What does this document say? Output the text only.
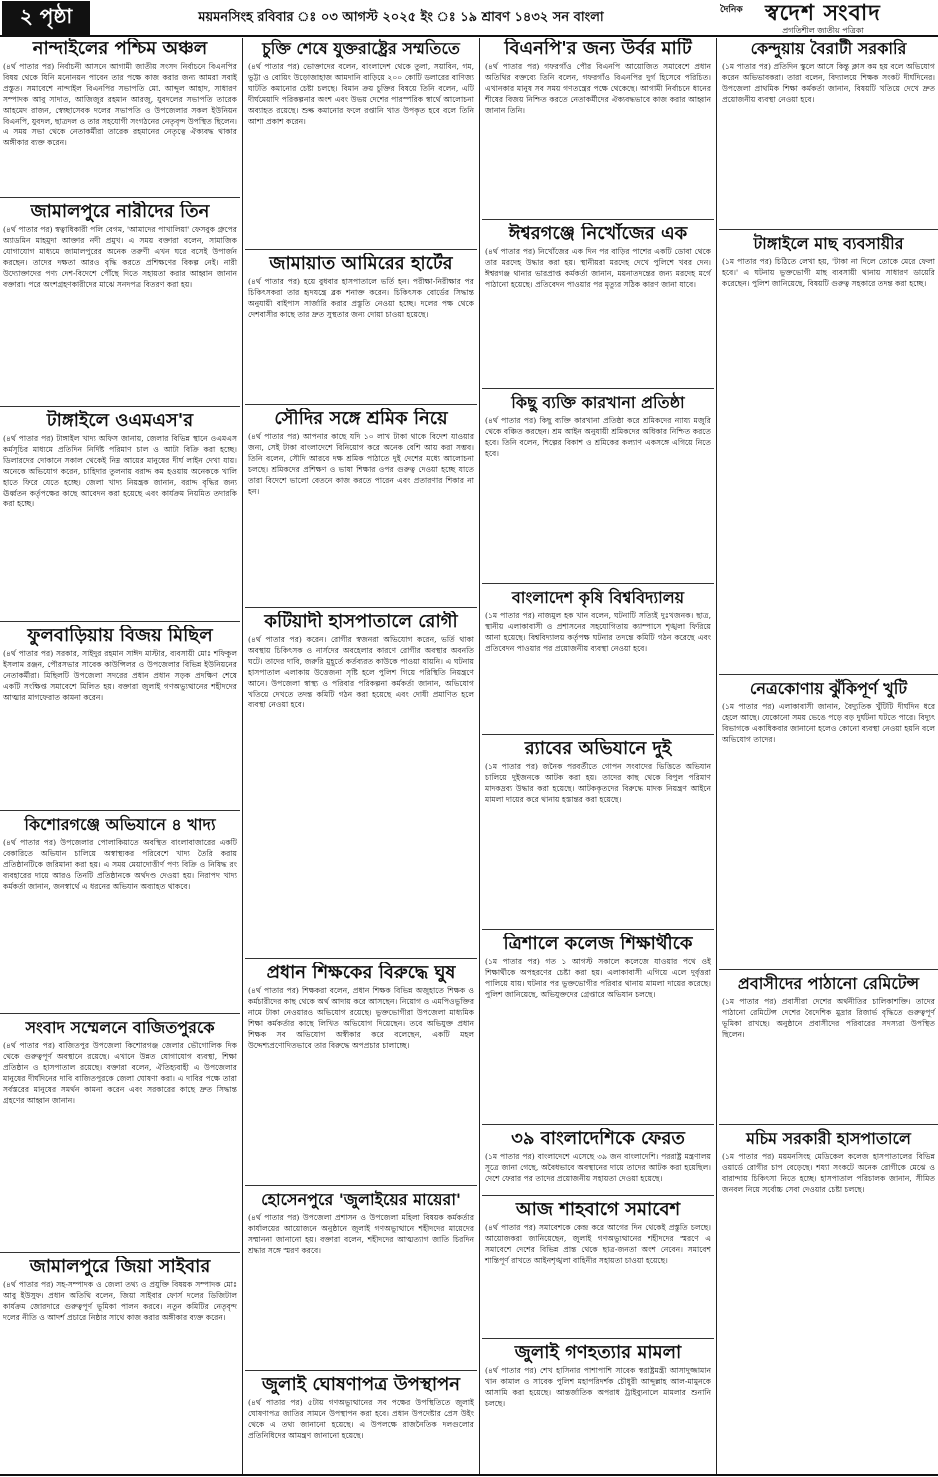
২ পৃষ্ঠা	ময়মনসিংহ রবিবার ঃ ০৩ আগস্ট ২০২৫ ইং ঃ ১৯ শ্রাবণ ১৪৩২ সন বাংলা	দৈনিক স্বদেশ সংবাদ
প্রগতিশীল জাতীয় পত্রিকা
নান্দাইলের পশ্চিম অঞ্চল

(৪র্থ পাতার পর) নির্বাচনী আসনে আগামী জাতীয় সংসদ নির্বাচনে বিএনপির বিষয় থেকে যিনি মনোনয়ন পাবেন তার পক্ষে কাজ করার জন্য আমরা সবাই প্রস্তুত। সমাবেশে নান্দাইল বিএনপির সভাপতি মো. আব্দুল আহাদ, সাধারণ সম্পাদক আবু সাদাত, আজিজুর রহমান আরজু, যুবদলের সভাপতি তারেক আহমেদ রাজন, স্বেচ্ছাসেবক দলের সভাপতি ও উপজেলার সকল ইউনিয়ন বিএনপি, যুবদল, ছাত্রদল ও তার সহযোগী সংগঠনের নেতৃবৃন্দ উপস্থিত ছিলেন। এ সময় সভা থেকে নেতাকর্মীরা তারেক রহমানের নেতৃত্বে ঐক্যবদ্ধ থাকার অঙ্গীকার ব্যক্ত করেন।

জামালপুরে নারীদের তিন

(৪র্থ পাতার পর) স্বত্বাধিকারী পলি বেগম, 'আমাদের পাখালিয়া' ফেসবুক গ্রুপের অ্যাডমিন মাহমুদা আক্তার নদী প্রমুখ। এ সময় বক্তারা বলেন, সামাজিক যোগাযোগ মাধ্যমে জামালপুরের অনেক তরুণী এখন ঘরে বসেই উপার্জন করছেন। তাদের দক্ষতা আরও বৃদ্ধি করতে প্রশিক্ষণের বিকল্প নেই। নারী উদ্যোক্তাদের পণ্য দেশ-বিদেশে পৌঁছে দিতে সহায়তা করার আহ্বান জানান বক্তারা। পরে অংশগ্রহণকারীদের মাঝে সনদপত্র বিতরণ করা হয়।

টাঙ্গাইলে ওএমএস'র

(৪র্থ পাতার পর) টাঙ্গাইল খাদ্য অফিস জানায়, জেলার বিভিন্ন স্থানে ওএমএস কর্মসূচির মাধ্যমে প্রতিদিন নির্দিষ্ট পরিমাণ চাল ও আটা বিক্রি করা হচ্ছে। ডিলারদের দোকানে সকাল থেকেই নিম্ন আয়ের মানুষের দীর্ঘ লাইন দেখা যায়। অনেকে অভিযোগ করেন, চাহিদার তুলনায় বরাদ্দ কম হওয়ায় অনেককে খালি হাতে ফিরে যেতে হচ্ছে। জেলা খাদ্য নিয়ন্ত্রক জানান, বরাদ্দ বৃদ্ধির জন্য ঊর্ধ্বতন কর্তৃপক্ষের কাছে আবেদন করা হয়েছে এবং কার্যক্রম নিয়মিত তদারকি করা হচ্ছে।

ফুলবাড়িয়ায় বিজয় মিছিল

(৪র্থ পাতার পর) সরকার, সাইদুর রহমান সাঈদ মাস্টার, ব্যবসায়ী মোঃ শফিকুল ইসলাম রঞ্জন, পৌরসভার সাবেক কাউন্সিলর ও উপজেলার বিভিন্ন ইউনিয়নের নেতাকর্মীরা। মিছিলটি উপজেলা সদরের প্রধান প্রধান সড়ক প্রদক্ষিণ শেষে একটি সংক্ষিপ্ত সমাবেশে মিলিত হয়। বক্তারা জুলাই গণঅভ্যুত্থানের শহীদদের আত্মার মাগফেরাত কামনা করেন।

কিশোরগঞ্জে অভিযানে ৪ খাদ্য

(৪র্থ পাতার পর) উপজেলার পোলাকিয়াতে অবস্থিত বাংলাবাজারের একটি বেকারিতে অভিযান চালিয়ে অস্বাস্থ্যকর পরিবেশে খাদ্য তৈরি করায় প্রতিষ্ঠানটিকে জরিমানা করা হয়। এ সময় মেয়াদোত্তীর্ণ পণ্য বিক্রি ও নিষিদ্ধ রং ব্যবহারের দায়ে আরও তিনটি প্রতিষ্ঠানকে অর্থদণ্ড দেওয়া হয়। নিরাপদ খাদ্য কর্মকর্তা জানান, জনস্বার্থে এ ধরনের অভিযান অব্যাহত থাকবে।

সংবাদ সম্মেলনে বাজিতপুরকে

(৪র্থ পাতার পর) বাজিতপুর উপজেলা কিশোরগঞ্জ জেলার ভৌগোলিক দিক থেকে গুরুত্বপূর্ণ অবস্থানে রয়েছে। এখানে উন্নত যোগাযোগ ব্যবস্থা, শিক্ষা প্রতিষ্ঠান ও হাসপাতাল রয়েছে। বক্তারা বলেন, ঐতিহ্যবাহী এ উপজেলার মানুষের দীর্ঘদিনের দাবি বাজিতপুরকে জেলা ঘোষণা করা। এ দাবির পক্ষে তারা সর্বস্তরের মানুষের সমর্থন কামনা করেন এবং সরকারের কাছে দ্রুত সিদ্ধান্ত গ্রহণের আহ্বান জানান।

জামালপুরে জিয়া সাইবার

(৪র্থ পাতার পর) সহ-সম্পাদক ও জেলা তথ্য ও প্রযুক্তি বিষয়ক সম্পাদক মোঃ আবু ইউসুফ। প্রধান অতিথি বলেন, জিয়া সাইবার ফোর্স দলের ডিজিটাল কার্যক্রম জোরদারে গুরুত্বপূর্ণ ভূমিকা পালন করবে। নতুন কমিটির নেতৃবৃন্দ দলের নীতি ও আদর্শ প্রচারে নিষ্ঠার সাথে কাজ করার অঙ্গীকার ব্যক্ত করেন।

চুক্তি শেষে যুক্তরাষ্ট্রের সম্মতিতে

(৪র্থ পাতার পর) ভোক্তাদের বলেন, বাংলাদেশ থেকে তুলা, সয়াবিন, গম, ভুট্টা ও বোয়িং উড়োজাহাজ আমদানি বাড়িয়ে ২০০ কোটি ডলারের বাণিজ্য ঘাটতি কমানোর চেষ্টা চলছে। বিমান ক্রয় চুক্তির বিষয়ে তিনি বলেন, এটি দীর্ঘমেয়াদি পরিকল্পনার অংশ এবং উভয় দেশের পারস্পরিক স্বার্থে আলোচনা অব্যাহত রয়েছে। শুল্ক কমানোর ফলে রপ্তানি খাত উপকৃত হবে বলে তিনি আশা প্রকাশ করেন।

জামায়াত আমিরের হার্টের

(৪র্থ পাতার পর) হয়ে বুধবার হাসপাতালে ভর্তি হন। পরীক্ষা-নিরীক্ষার পর চিকিৎসকরা তার হৃদযন্ত্রে ব্লক শনাক্ত করেন। চিকিৎসক বোর্ডের সিদ্ধান্ত অনুযায়ী বাইপাস সার্জারি করার প্রস্তুতি নেওয়া হচ্ছে। দলের পক্ষ থেকে দেশবাসীর কাছে তার দ্রুত সুস্থতার জন্য দোয়া চাওয়া হয়েছে।

সৌদির সঙ্গে শ্রমিক নিয়ে

(৪র্থ পাতার পর) আপনার কাছে যদি ১০ লাখ টাকা থাকে বিদেশ যাওয়ার জন্য, সেই টাকা বাংলাদেশে বিনিয়োগ করে অনেক বেশি আয় করা সম্ভব। তিনি বলেন, সৌদি আরবে দক্ষ শ্রমিক পাঠাতে দুই দেশের মধ্যে আলোচনা চলছে। শ্রমিকদের প্রশিক্ষণ ও ভাষা শিক্ষার ওপর গুরুত্ব দেওয়া হচ্ছে যাতে তারা বিদেশে ভালো বেতনে কাজ করতে পারেন এবং প্রতারণার শিকার না হন।

কটিয়াদী হাসপাতালে রোগী

(৪র্থ পাতার পর) করেন। রোগীর স্বজনরা অভিযোগ করেন, ভর্তি থাকা অবস্থায় চিকিৎসক ও নার্সদের অবহেলার কারণে রোগীর অবস্থার অবনতি ঘটে। তাদের দাবি, জরুরি মুহূর্তে কর্তব্যরত কাউকে পাওয়া যায়নি। এ ঘটনায় হাসপাতাল এলাকায় উত্তেজনা সৃষ্টি হলে পুলিশ গিয়ে পরিস্থিতি নিয়ন্ত্রণে আনে। উপজেলা স্বাস্থ্য ও পরিবার পরিকল্পনা কর্মকর্তা জানান, অভিযোগ খতিয়ে দেখতে তদন্ত কমিটি গঠন করা হয়েছে এবং দোষী প্রমাণিত হলে ব্যবস্থা নেওয়া হবে।

প্রধান শিক্ষকের বিরুদ্ধে ঘুষ

(৪র্থ পাতার পর) শিক্ষকরা বলেন, প্রধান শিক্ষক বিভিন্ন অজুহাতে শিক্ষক ও কর্মচারীদের কাছ থেকে অর্থ আদায় করে আসছেন। নিয়োগ ও এমপিওভুক্তির নামে টাকা নেওয়ারও অভিযোগ রয়েছে। ভুক্তভোগীরা উপজেলা মাধ্যমিক শিক্ষা কর্মকর্তার কাছে লিখিত অভিযোগ দিয়েছেন। তবে অভিযুক্ত প্রধান শিক্ষক সব অভিযোগ অস্বীকার করে বলেছেন, একটি মহল উদ্দেশ্যপ্রণোদিতভাবে তার বিরুদ্ধে অপপ্রচার চালাচ্ছে।

হোসেনপুরে 'জুলাইয়ের মায়েরা'

(৪র্থ পাতার পর) উপজেলা প্রশাসন ও উপজেলা মহিলা বিষয়ক কর্মকর্তার কার্যালয়ের আয়োজনে অনুষ্ঠানে জুলাই গণঅভ্যুত্থানে শহীদদের মায়েদের সম্মাননা জানানো হয়। বক্তারা বলেন, শহীদদের আত্মত্যাগ জাতি চিরদিন শ্রদ্ধার সঙ্গে স্মরণ করবে।

জুলাই ঘোষণাপত্র উপস্থাপন

(৪র্থ পাতার পর) ৫টায় গণঅভ্যুত্থানের সব পক্ষের উপস্থিতিতে জুলাই ঘোষণাপত্র জাতির সামনে উপস্থাপন করা হবে। প্রধান উপদেষ্টার প্রেস উইং থেকে এ তথ্য জানানো হয়েছে। এ উপলক্ষে রাজনৈতিক দলগুলোর প্রতিনিধিদের আমন্ত্রণ জানানো হয়েছে।

বিএনপি'র জন্য উর্বর মাটি

(৪র্থ পাতার পর) গফরগাঁও পৌর বিএনপি আয়োজিত সমাবেশে প্রধান অতিথির বক্তব্যে তিনি বলেন, গফরগাঁও বিএনপির দুর্গ হিসেবে পরিচিত। এখানকার মানুষ সব সময় গণতন্ত্রের পক্ষে থেকেছে। আগামী নির্বাচনে ধানের শীষের বিজয় নিশ্চিত করতে নেতাকর্মীদের ঐক্যবদ্ধভাবে কাজ করার আহ্বান জানান তিনি।

ঈশ্বরগঞ্জে নিখোঁজের এক

(৪র্থ পাতার পর) নিখোঁজের এক দিন পর বাড়ির পাশের একটি ডোবা থেকে তার মরদেহ উদ্ধার করা হয়। স্থানীয়রা মরদেহ দেখে পুলিশে খবর দেন। ঈশ্বরগঞ্জ থানার ভারপ্রাপ্ত কর্মকর্তা জানান, ময়নাতদন্তের জন্য মরদেহ মর্গে পাঠানো হয়েছে। প্রতিবেদন পাওয়ার পর মৃত্যুর সঠিক কারণ জানা যাবে।

কিছু ব্যক্তি কারখানা প্রতিষ্ঠা

(৪র্থ পাতার পর) কিছু ব্যক্তি কারখানা প্রতিষ্ঠা করে শ্রমিকদের ন্যায্য মজুরি থেকে বঞ্চিত করছেন। শ্রম আইন অনুযায়ী শ্রমিকদের অধিকার নিশ্চিত করতে হবে। তিনি বলেন, শিল্পের বিকাশ ও শ্রমিকের কল্যাণ একসঙ্গে এগিয়ে নিতে হবে।

বাংলাদেশ কৃষি বিশ্ববিদ্যালয়

(১ম পাতার পর) নাজমুল হক খান বলেন, ঘটনাটি সত্যিই দুঃখজনক। ছাত্র, স্থানীয় এলাকাবাসী ও প্রশাসনের সহযোগিতায় ক্যাম্পাসে শৃঙ্খলা ফিরিয়ে আনা হয়েছে। বিশ্ববিদ্যালয় কর্তৃপক্ষ ঘটনার তদন্তে কমিটি গঠন করেছে এবং প্রতিবেদন পাওয়ার পর প্রয়োজনীয় ব্যবস্থা নেওয়া হবে।

র‍্যাবের অভিযানে দুই

(১ম পাতার পর) জনৈক পরবর্তীতে গোপন সংবাদের ভিত্তিতে অভিযান চালিয়ে দুইজনকে আটক করা হয়। তাদের কাছ থেকে বিপুল পরিমাণ মাদকদ্রব্য উদ্ধার করা হয়েছে। আটককৃতদের বিরুদ্ধে মাদক নিয়ন্ত্রণ আইনে মামলা দায়ের করে থানায় হস্তান্তর করা হয়েছে।

ত্রিশালে কলেজ শিক্ষার্থীকে

(১ম পাতার পর) গত ১ আগস্ট সকালে কলেজে যাওয়ার পথে ওই শিক্ষার্থীকে অপহরণের চেষ্টা করা হয়। এলাকাবাসী এগিয়ে এলে দুর্বৃত্তরা পালিয়ে যায়। ঘটনার পর ভুক্তভোগীর পরিবার থানায় মামলা দায়ের করেছে। পুলিশ জানিয়েছে, অভিযুক্তদের গ্রেপ্তারে অভিযান চলছে।

৩৯ বাংলাদেশিকে ফেরত

(১ম পাতার পর) বাংলাদেশে এসেছে ৩৯ জন বাংলাদেশি। পররাষ্ট্র মন্ত্রণালয় সূত্রে জানা গেছে, অবৈধভাবে অবস্থানের দায়ে তাদের আটক করা হয়েছিল। দেশে ফেরার পর তাদের প্রয়োজনীয় সহায়তা দেওয়া হয়েছে।

আজ শাহবাগে সমাবেশ

(৪র্থ পাতার পর) সমাবেশকে কেন্দ্র করে আগের দিন থেকেই প্রস্তুতি চলছে। আয়োজকরা জানিয়েছেন, জুলাই গণঅভ্যুত্থানের শহীদদের স্মরণে এ সমাবেশে দেশের বিভিন্ন প্রান্ত থেকে ছাত্র-জনতা অংশ নেবেন। সমাবেশ শান্তিপূর্ণ রাখতে আইনশৃঙ্খলা বাহিনীর সহায়তা চাওয়া হয়েছে।

জুলাই গণহত্যার মামলা

(৪র্থ পাতার পর) শেখ হাসিনার পাশাপাশি সাবেক স্বরাষ্ট্রমন্ত্রী আসাদুজ্জামান খান কামাল ও সাবেক পুলিশ মহাপরিদর্শক চৌধুরী আব্দুল্লাহ আল-মামুনকে আসামি করা হয়েছে। আন্তর্জাতিক অপরাধ ট্রাইব্যুনালে মামলার শুনানি চলছে।

কেন্দুয়ায় বৈরাটী সরকারি

(১ম পাতার পর) প্রতিদিন স্কুলে আসে কিন্তু ক্লাস কম হয় বলে অভিযোগ করেন অভিভাবকরা। তারা বলেন, বিদ্যালয়ে শিক্ষক সংকট দীর্ঘদিনের। উপজেলা প্রাথমিক শিক্ষা কর্মকর্তা জানান, বিষয়টি খতিয়ে দেখে দ্রুত প্রয়োজনীয় ব্যবস্থা নেওয়া হবে।

টাঙ্গাইলে মাছ ব্যবসায়ীর

(১ম পাতার পর) চিঠিতে লেখা হয়, 'টাকা না দিলে তোকে মেরে ফেলা হবে।' এ ঘটনায় ভুক্তভোগী মাছ ব্যবসায়ী থানায় সাধারণ ডায়েরি করেছেন। পুলিশ জানিয়েছে, বিষয়টি গুরুত্ব সহকারে তদন্ত করা হচ্ছে।

নেত্রকোণায় ঝুঁকিপূর্ণ খুটি

(১ম পাতার পর) এলাকাবাসী জানান, বৈদ্যুতিক খুঁটিটি দীর্ঘদিন ধরে হেলে আছে। যেকোনো সময় ভেঙে পড়ে বড় দুর্ঘটনা ঘটতে পারে। বিদ্যুৎ বিভাগকে একাধিকবার জানানো হলেও কোনো ব্যবস্থা নেওয়া হয়নি বলে অভিযোগ তাদের।

প্রবাসীদের পাঠানো রেমিটেন্স

(১ম পাতার পর) প্রবাসীরা দেশের অর্থনীতির চালিকাশক্তি। তাদের পাঠানো রেমিটেন্স দেশের বৈদেশিক মুদ্রার রিজার্ভ বৃদ্ধিতে গুরুত্বপূর্ণ ভূমিকা রাখছে। অনুষ্ঠানে প্রবাসীদের পরিবারের সদস্যরা উপস্থিত ছিলেন।

মচিম সরকারী হাসপাতালে

(১ম পাতার পর) ময়মনসিংহ মেডিকেল কলেজ হাসপাতালের বিভিন্ন ওয়ার্ডে রোগীর চাপ বেড়েছে। শয্যা সংকটে অনেক রোগীকে মেঝে ও বারান্দায় চিকিৎসা নিতে হচ্ছে। হাসপাতাল পরিচালক জানান, সীমিত জনবল নিয়ে সর্বোচ্চ সেবা দেওয়ার চেষ্টা চলছে।
